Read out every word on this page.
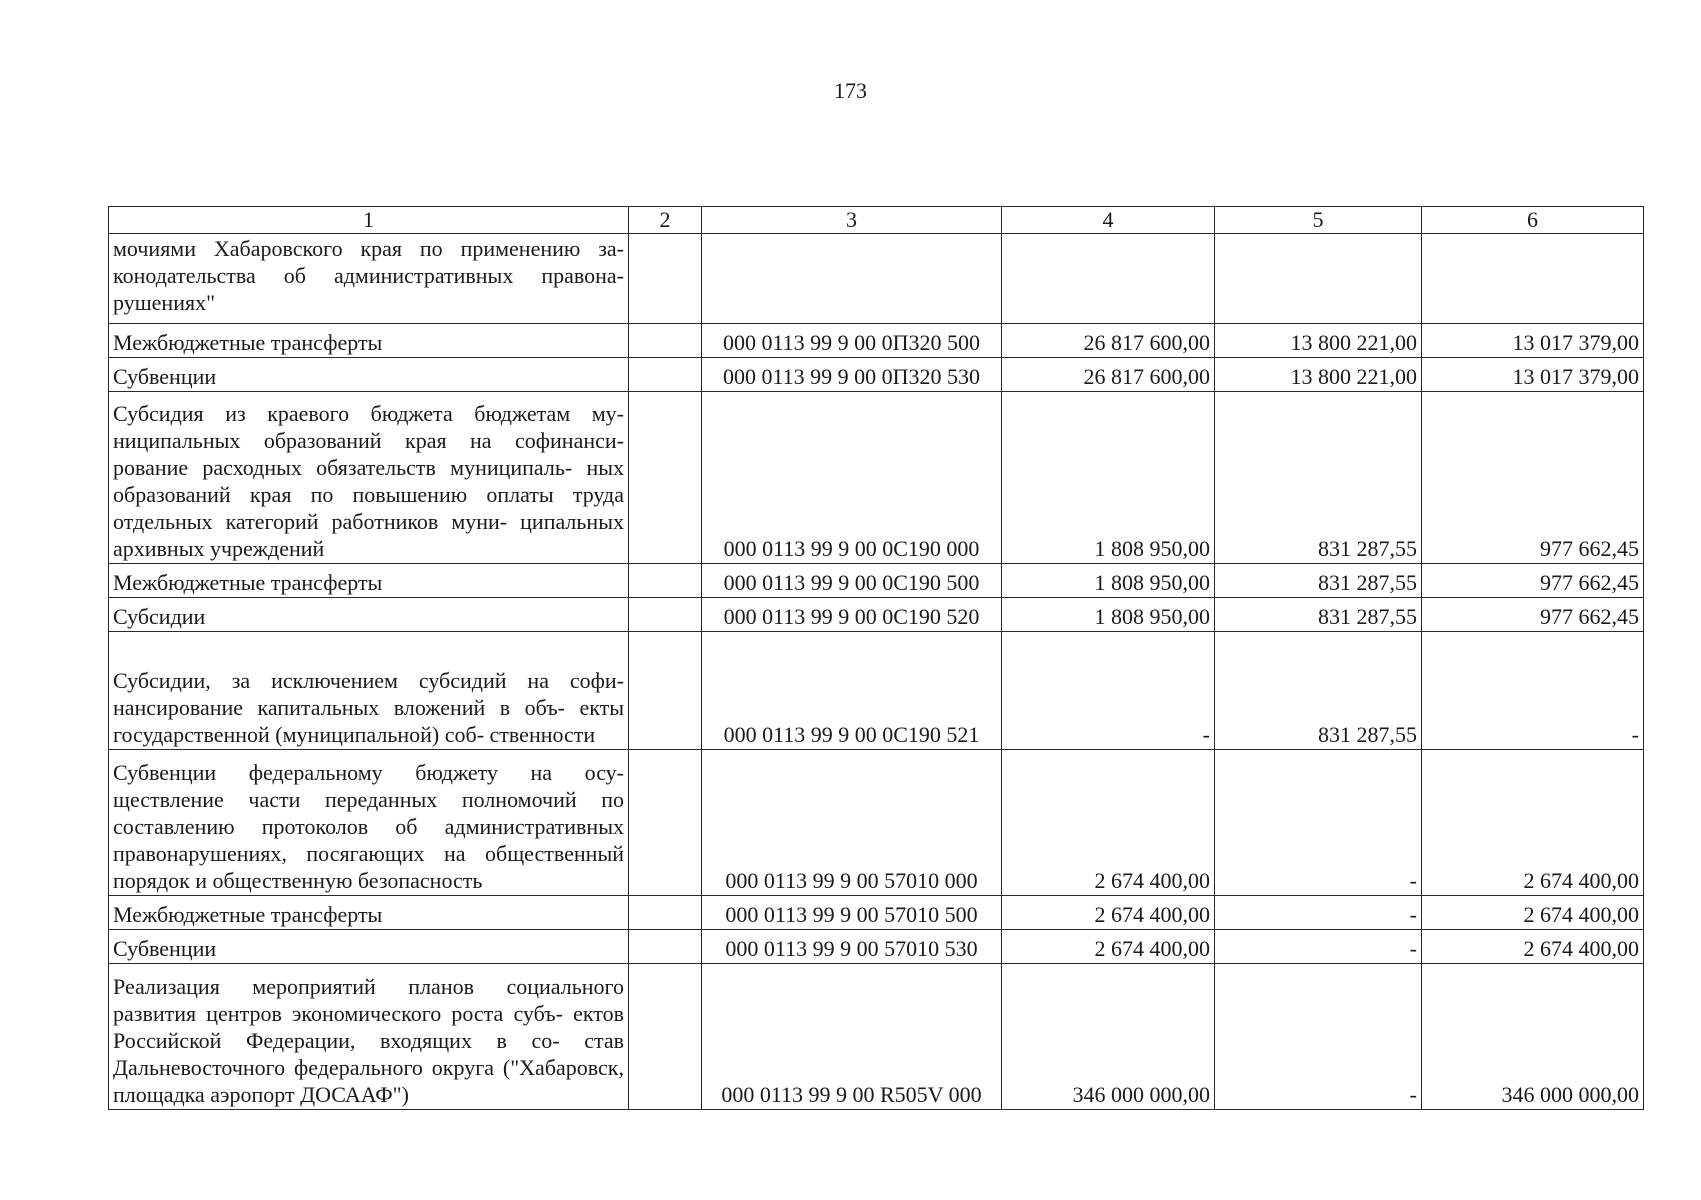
173
1	2	3	4	5	6
мочиями Хабаровского края по применению за- конодательства об административных правона- рушениях"					
Межбюджетные трансферты		000 0113 99 9 00 0П320 500	26 817 600,00	13 800 221,00	13 017 379,00
Субвенции		000 0113 99 9 00 0П320 530	26 817 600,00	13 800 221,00	13 017 379,00
Субсидия из краевого бюджета бюджетам му- ниципальных образований края на софинанси- рование расходных обязательств муниципаль- ных образований края по повышению оплаты труда отдельных категорий работников муни- ципальных архивных учреждений		000 0113 99 9 00 0С190 000	1 808 950,00	831 287,55	977 662,45
Межбюджетные трансферты		000 0113 99 9 00 0С190 500	1 808 950,00	831 287,55	977 662,45
Субсидии		000 0113 99 9 00 0С190 520	1 808 950,00	831 287,55	977 662,45
Субсидии, за исключением субсидий на софи- нансирование капитальных вложений в объ- екты государственной (муниципальной) соб- ственности		000 0113 99 9 00 0С190 521	-	831 287,55	-
Субвенции федеральному бюджету на осу- ществление части переданных полномочий по составлению протоколов об административных правонарушениях, посягающих на общественный порядок и общественную безопасность		000 0113 99 9 00 57010 000	2 674 400,00	-	2 674 400,00
Межбюджетные трансферты		000 0113 99 9 00 57010 500	2 674 400,00	-	2 674 400,00
Субвенции		000 0113 99 9 00 57010 530	2 674 400,00	-	2 674 400,00
Реализация мероприятий планов социального развития центров экономического роста субъ- ектов Российской Федерации, входящих в со- став Дальневосточного федерального округа ("Хабаровск, площадка аэропорт ДОСААФ")		000 0113 99 9 00 R505V 000	346 000 000,00	-	346 000 000,00
